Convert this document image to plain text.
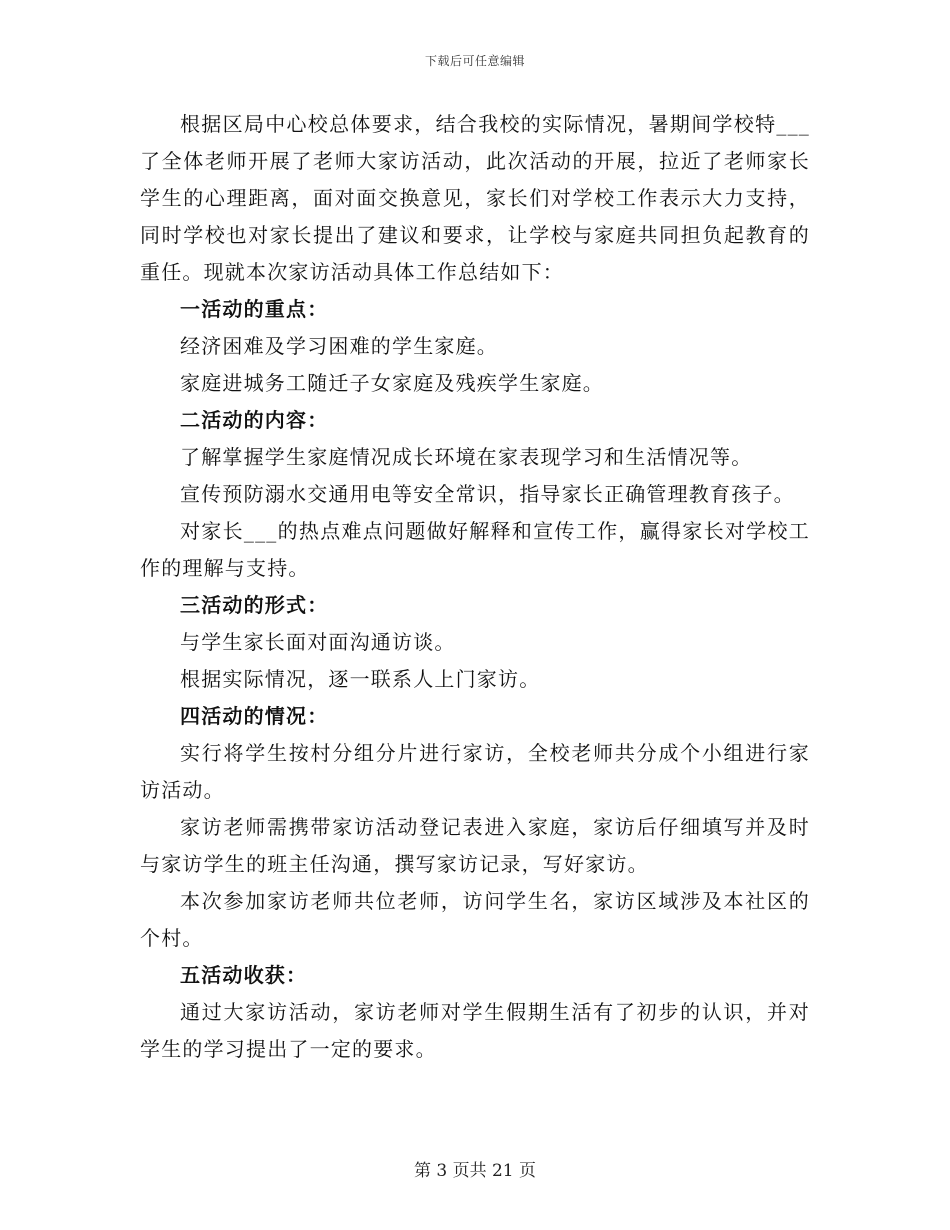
下载后可任意编辑

根据区局中心校总体要求，结合我校的实际情况，暑期间学校特___了全体老师开展了老师大家访活动，此次活动的开展，拉近了老师家长学生的心理距离，面对面交换意见，家长们对学校工作表示大力支持，同时学校也对家长提出了建议和要求，让学校与家庭共同担负起教育的重任。现就本次家访活动具体工作总结如下：

一活动的重点：

经济困难及学习困难的学生家庭。

家庭进城务工随迁子女家庭及残疾学生家庭。

二活动的内容：

了解掌握学生家庭情况成长环境在家表现学习和生活情况等。

宣传预防溺水交通用电等安全常识，指导家长正确管理教育孩子。

对家长___的热点难点问题做好解释和宣传工作，赢得家长对学校工作的理解与支持。

三活动的形式：

与学生家长面对面沟通访谈。

根据实际情况，逐一联系人上门家访。

四活动的情况：

实行将学生按村分组分片进行家访，全校老师共分成个小组进行家访活动。

家访老师需携带家访活动登记表进入家庭，家访后仔细填写并及时与家访学生的班主任沟通，撰写家访记录，写好家访。

本次参加家访老师共位老师，访问学生名，家访区域涉及本社区的个村。

五活动收获：

通过大家访活动，家访老师对学生假期生活有了初步的认识，并对学生的学习提出了一定的要求。

第 3 页共 21 页
